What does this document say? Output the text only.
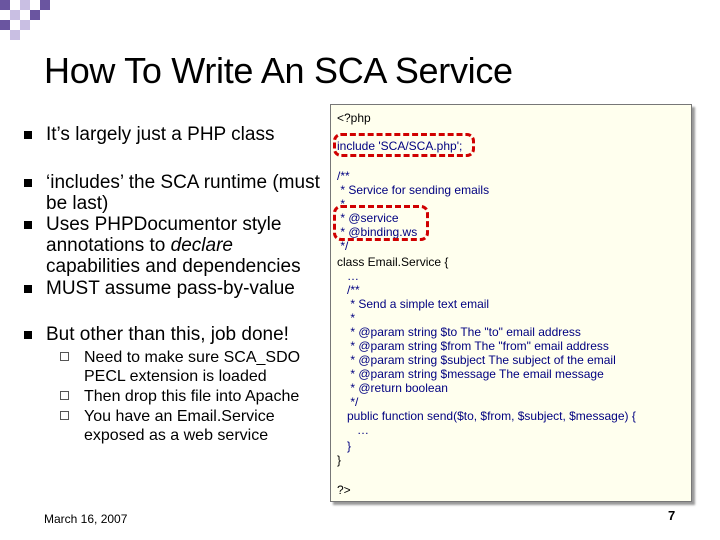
How To Write An SCA Service
It’s largely just a PHP class
‘includes’ the SCA runtime (must be last)
Uses PHPDocumentor style annotations to declare capabilities and dependencies
MUST assume pass-by-value
But other than this, job done!
Need to make sure SCA_SDO PECL extension is loaded
Then drop this file into Apache
You have an Email.Service exposed as a web service
<?php
include 'SCA/SCA.php';
/**
* Service for sending emails
*
* @service
* @binding.ws
*/
class Email.Service {
…
/**
* Send a simple text email
*
* @param string $to The "to" email address
* @param string $from The "from" email address
* @param string $subject The subject of the email
* @param string $message The email message
* @return boolean
*/
public function send($to, $from, $subject, $message) {
…
}
}
?>
March 16, 2007	7
